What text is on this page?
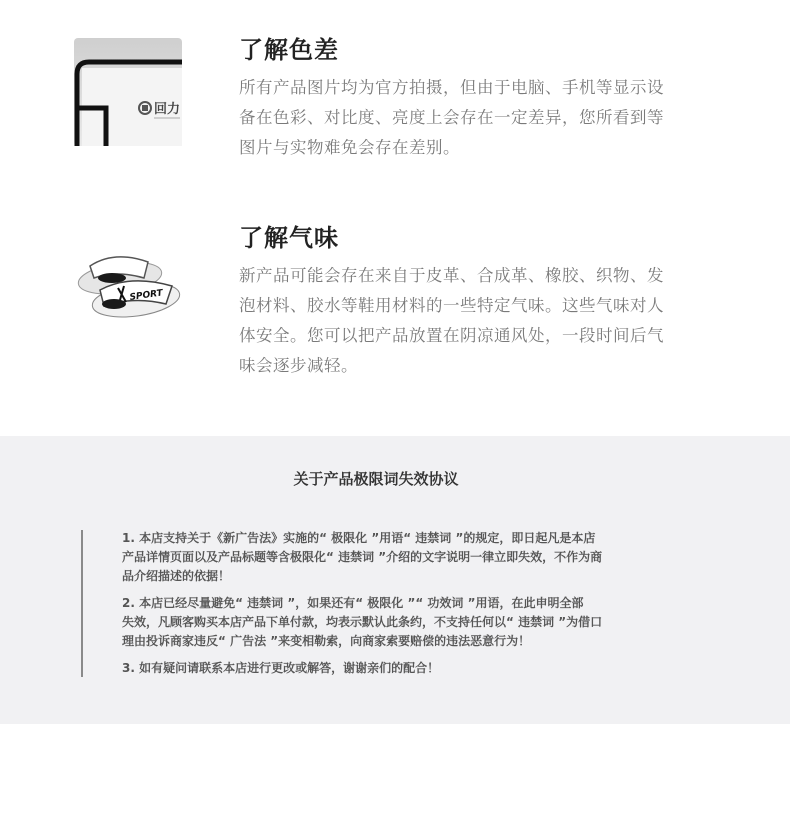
回力
了解色差
所有产品图片均为官方拍摄，但由于电脑、手机等显示设
备在色彩、对比度、亮度上会存在一定差异，您所看到等
图片与实物难免会存在差别。
SPORT
了解气味
新产品可能会存在来自于皮革、合成革、橡胶、织物、发
泡材料、胶水等鞋用材料的一些特定气味。这些气味对人
体安全。您可以把产品放置在阴凉通风处，一段时间后气
味会逐步减轻。
关于产品极限词失效协议
1. 本店支持关于《新广告法》实施的“ 极限化 ”用语“ 违禁词 ”的规定，即日起凡是本店
产品详情页面以及产品标题等含极限化“ 违禁词 ”介绍的文字说明一律立即失效，不作为商
品介绍描述的依据！
2. 本店已经尽量避免“ 违禁词 ”，如果还有“ 极限化 ”“ 功效词 ”用语，在此申明全部
失效，凡顾客购买本店产品下单付款，均表示默认此条约，不支持任何以“ 违禁词 ”为借口
理由投诉商家违反“ 广告法 ”来变相勒索，向商家索要赔偿的违法恶意行为！
3. 如有疑问请联系本店进行更改或解答，谢谢亲们的配合！
